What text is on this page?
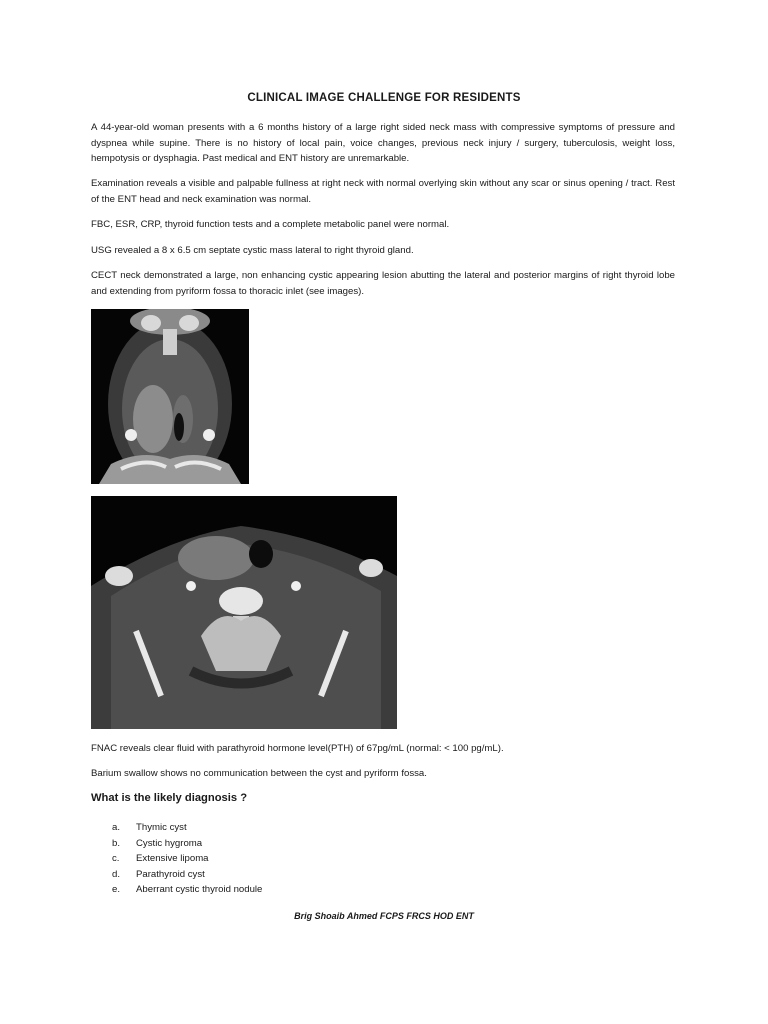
CLINICAL IMAGE CHALLENGE FOR RESIDENTS

A 44-year-old woman presents with a 6 months history of a large right sided neck mass with compressive symptoms of pressure and dyspnea while supine. There is no history of local pain, voice changes, previous neck injury / surgery, tuberculosis, weight loss, hempotysis or dysphagia. Past medical and ENT history are unremarkable.

Examination reveals a visible and palpable fullness at right neck with normal overlying skin without any scar or sinus opening / tract. Rest of the ENT head and neck examination was normal.

FBC, ESR, CRP, thyroid function tests and a complete metabolic panel were normal.

USG revealed a 8 x 6.5 cm septate cystic mass lateral to right thyroid gland.

CECT neck demonstrated a large, non enhancing cystic appearing lesion abutting the lateral and posterior margins of right thyroid lobe and extending from pyriform fossa to thoracic inlet (see images).

FNAC reveals clear fluid with parathyroid hormone level(PTH) of 67pg/mL (normal: < 100 pg/mL).

Barium swallow shows no communication between the cyst and pyriform fossa.

What is the likely diagnosis ?
a.	Thymic cyst
b.	Cystic hygroma
c.	Extensive lipoma
d.	Parathyroid cyst
e.	Aberrant cystic thyroid nodule
Brig Shoaib Ahmed FCPS FRCS HOD ENT
